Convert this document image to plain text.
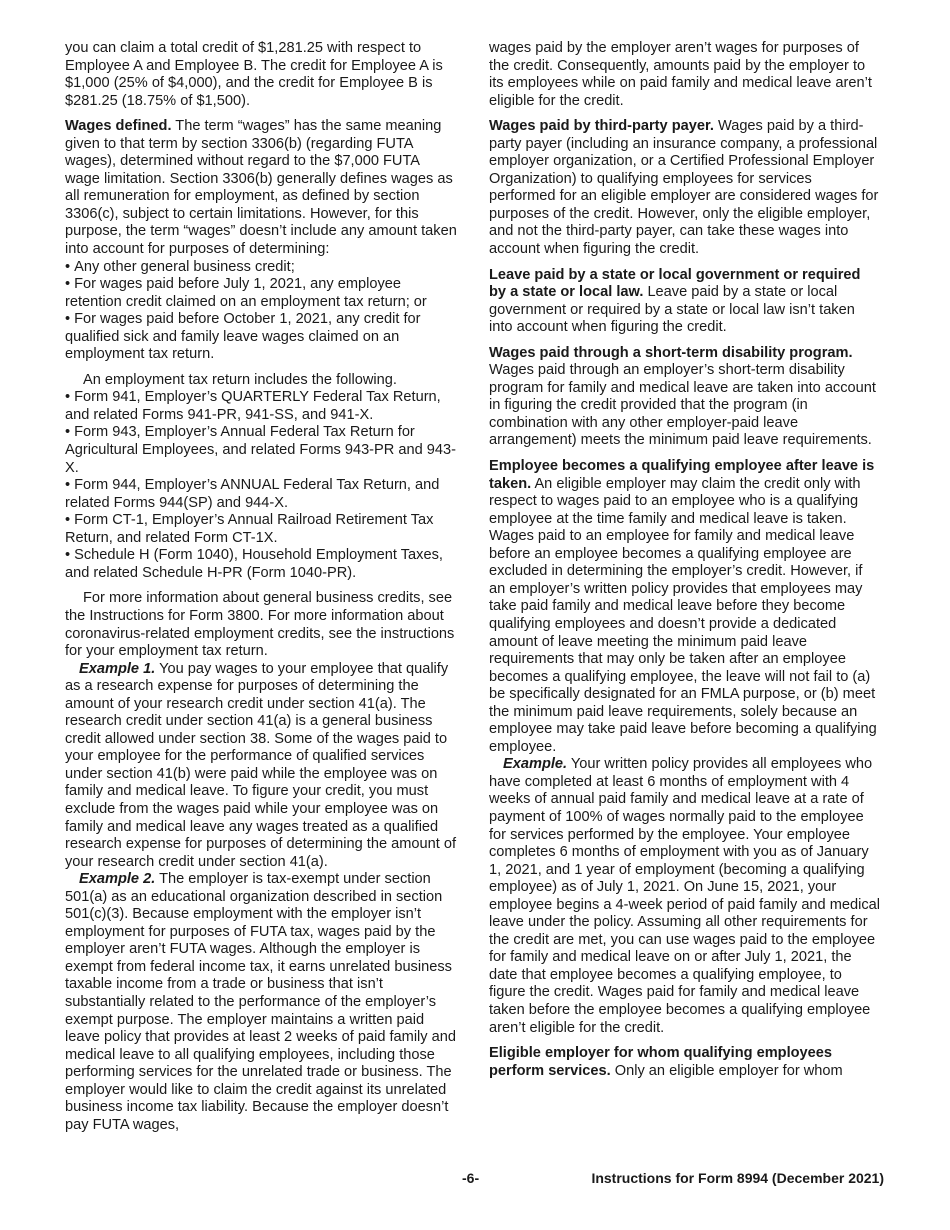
you can claim a total credit of $1,281.25 with respect to Employee A and Employee B. The credit for Employee A is $1,000 (25% of $4,000), and the credit for Employee B is $281.25 (18.75% of $1,500).

Wages defined. The term “wages” has the same meaning given to that term by section 3306(b) (regarding FUTA wages), determined without regard to the $7,000 FUTA wage limitation. Section 3306(b) generally defines wages as all remuneration for employment, as defined by section 3306(c), subject to certain limitations. However, for this purpose, the term “wages” doesn’t include any amount taken into account for purposes of determining:

• Any other general business credit;
• For wages paid before July 1, 2021, any employee retention credit claimed on an employment tax return; or
• For wages paid before October 1, 2021, any credit for qualified sick and family leave wages claimed on an employment tax return.

An employment tax return includes the following.

• Form 941, Employer’s QUARTERLY Federal Tax Return, and related Forms 941-PR, 941-SS, and 941-X.
• Form 943, Employer’s Annual Federal Tax Return for Agricultural Employees, and related Forms 943-PR and 943-X.
• Form 944, Employer’s ANNUAL Federal Tax Return, and related Forms 944(SP) and 944-X.
• Form CT-1, Employer’s Annual Railroad Retirement Tax Return, and related Form CT-1X.
• Schedule H (Form 1040), Household Employment Taxes, and related Schedule H-PR (Form 1040-PR).

For more information about general business credits, see the Instructions for Form 3800. For more information about coronavirus-related employment credits, see the instructions for your employment tax return.

Example 1. You pay wages to your employee that qualify as a research expense for purposes of determining the amount of your research credit under section 41(a). The research credit under section 41(a) is a general business credit allowed under section 38. Some of the wages paid to your employee for the performance of qualified services under section 41(b) were paid while the employee was on family and medical leave. To figure your credit, you must exclude from the wages paid while your employee was on family and medical leave any wages treated as a qualified research expense for purposes of determining the amount of your research credit under section 41(a).

Example 2. The employer is tax-exempt under section 501(a) as an educational organization described in section 501(c)(3). Because employment with the employer isn’t employment for purposes of FUTA tax, wages paid by the employer aren’t FUTA wages. Although the employer is exempt from federal income tax, it earns unrelated business taxable income from a trade or business that isn’t substantially related to the performance of the employer’s exempt purpose. The employer maintains a written paid leave policy that provides at least 2 weeks of paid family and medical leave to all qualifying employees, including those performing services for the unrelated trade or business. The employer would like to claim the credit against its unrelated business income tax liability. Because the employer doesn’t pay FUTA wages,

wages paid by the employer aren’t wages for purposes of the credit. Consequently, amounts paid by the employer to its employees while on paid family and medical leave aren’t eligible for the credit.

Wages paid by third-party payer. Wages paid by a third-party payer (including an insurance company, a professional employer organization, or a Certified Professional Employer Organization) to qualifying employees for services performed for an eligible employer are considered wages for purposes of the credit. However, only the eligible employer, and not the third-party payer, can take these wages into account when figuring the credit.

Leave paid by a state or local government or required by a state or local law. Leave paid by a state or local government or required by a state or local law isn’t taken into account when figuring the credit.

Wages paid through a short-term disability program. Wages paid through an employer’s short-term disability program for family and medical leave are taken into account in figuring the credit provided that the program (in combination with any other employer-paid leave arrangement) meets the minimum paid leave requirements.

Employee becomes a qualifying employee after leave is taken. An eligible employer may claim the credit only with respect to wages paid to an employee who is a qualifying employee at the time family and medical leave is taken. Wages paid to an employee for family and medical leave before an employee becomes a qualifying employee are excluded in determining the employer’s credit. However, if an employer’s written policy provides that employees may take paid family and medical leave before they become qualifying employees and doesn’t provide a dedicated amount of leave meeting the minimum paid leave requirements that may only be taken after an employee becomes a qualifying employee, the leave will not fail to (a) be specifically designated for an FMLA purpose, or (b) meet the minimum paid leave requirements, solely because an employee may take paid leave before becoming a qualifying employee.

Example. Your written policy provides all employees who have completed at least 6 months of employment with 4 weeks of annual paid family and medical leave at a rate of payment of 100% of wages normally paid to the employee for services performed by the employee. Your employee completes 6 months of employment with you as of January 1, 2021, and 1 year of employment (becoming a qualifying employee) as of July 1, 2021. On June 15, 2021, your employee begins a 4-week period of paid family and medical leave under the policy. Assuming all other requirements for the credit are met, you can use wages paid to the employee for family and medical leave on or after July 1, 2021, the date that employee becomes a qualifying employee, to figure the credit. Wages paid for family and medical leave taken before the employee becomes a qualifying employee aren’t eligible for the credit.

Eligible employer for whom qualifying employees perform services. Only an eligible employer for whom

-6-	Instructions for Form 8994 (December 2021)
